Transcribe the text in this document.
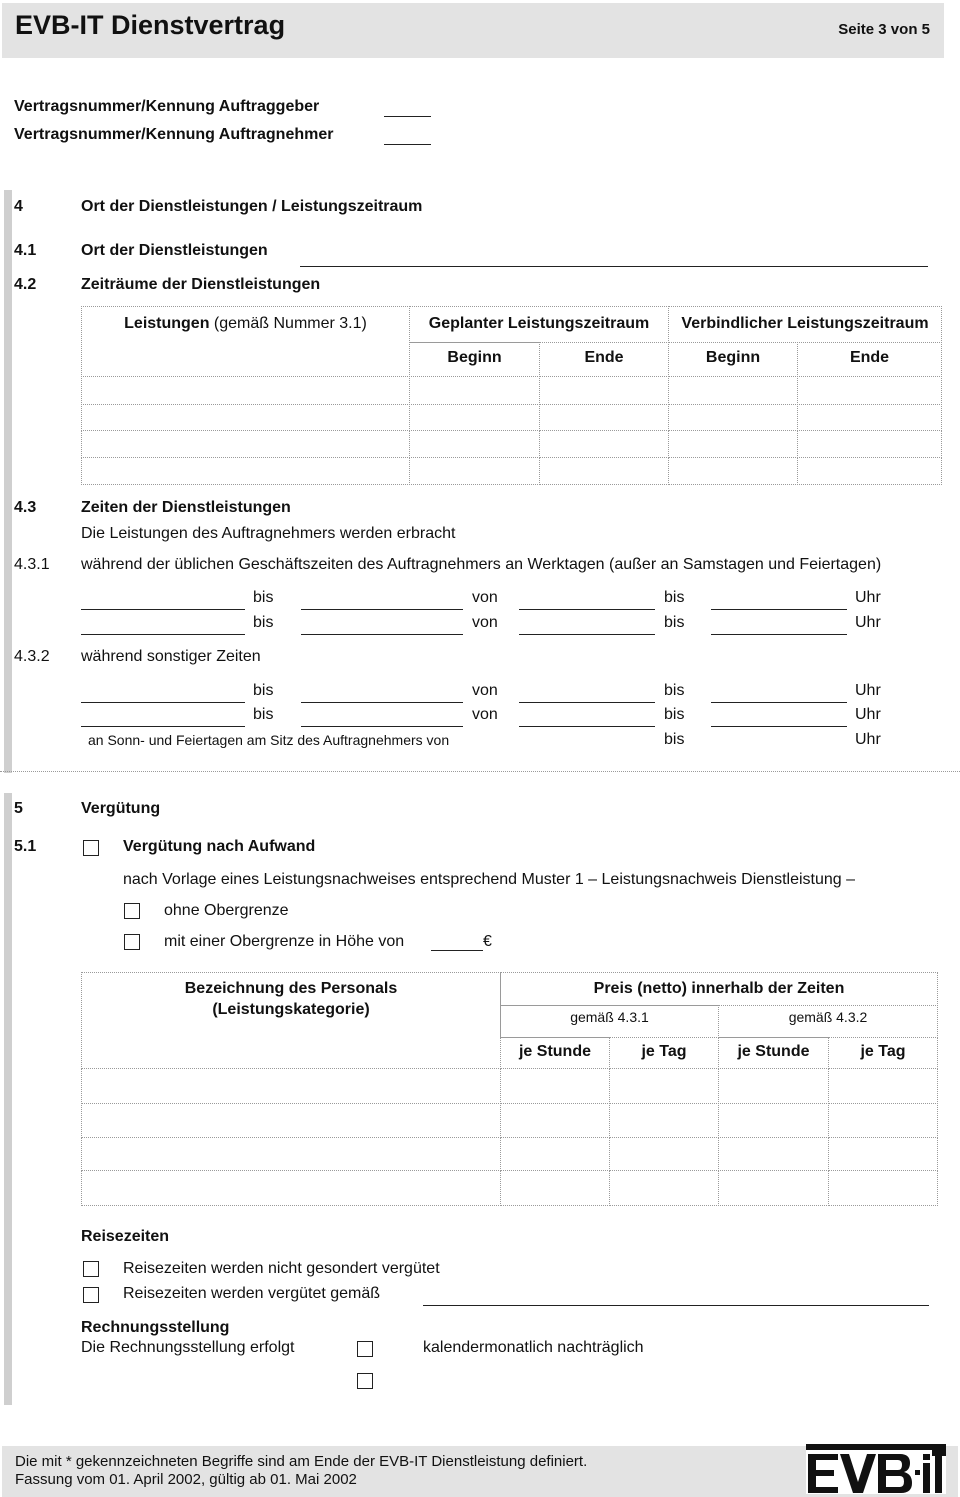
EVB-IT Dienstvertrag	Seite 3 von 5
Vertragsnummer/Kennung Auftraggeber
Vertragsnummer/Kennung Auftragnehmer
4	Ort der Dienstleistungen / Leistungszeitraum
4.1	Ort der Dienstleistungen
4.2	Zeiträume der Dienstleistungen
Leistungen (gemäß Nummer 3.1)	Geplanter Leistungszeitraum	Verbindlicher Leistungszeitraum
Beginn	Ende	Beginn	Ende
4.3	Zeiten der Dienstleistungen
Die Leistungen des Auftragnehmers werden erbracht
4.3.1 während der üblichen Geschäftszeiten des Auftragnehmers an Werktagen (außer an Samstagen und Feiertagen)
bis	von	bis	Uhr
bis	von	bis	Uhr
4.3.2 während sonstiger Zeiten
bis	von	bis	Uhr
bis	von	bis	Uhr
an Sonn- und Feiertagen am Sitz des Auftragnehmers von	bis	Uhr
5	Vergütung
5.1	Vergütung nach Aufwand
nach Vorlage eines Leistungsnachweises entsprechend Muster 1 – Leistungsnachweis Dienstleistung –
ohne Obergrenze
mit einer Obergrenze in Höhe von	€
Bezeichnung des Personals
(Leistungskategorie)
Preis (netto) innerhalb der Zeiten
gemäß 4.3.1	gemäß 4.3.2
je Stunde	je Tag	je Stunde	je Tag
Reisezeiten
Reisezeiten werden nicht gesondert vergütet
Reisezeiten werden vergütet gemäß
Rechnungsstellung
Die Rechnungsstellung erfolgt	kalendermonatlich nachträglich
Die mit * gekennzeichneten Begriffe sind am Ende der EVB-IT Dienstleistung definiert.
Fassung vom 01. April 2002, gültig ab 01. Mai 2002
